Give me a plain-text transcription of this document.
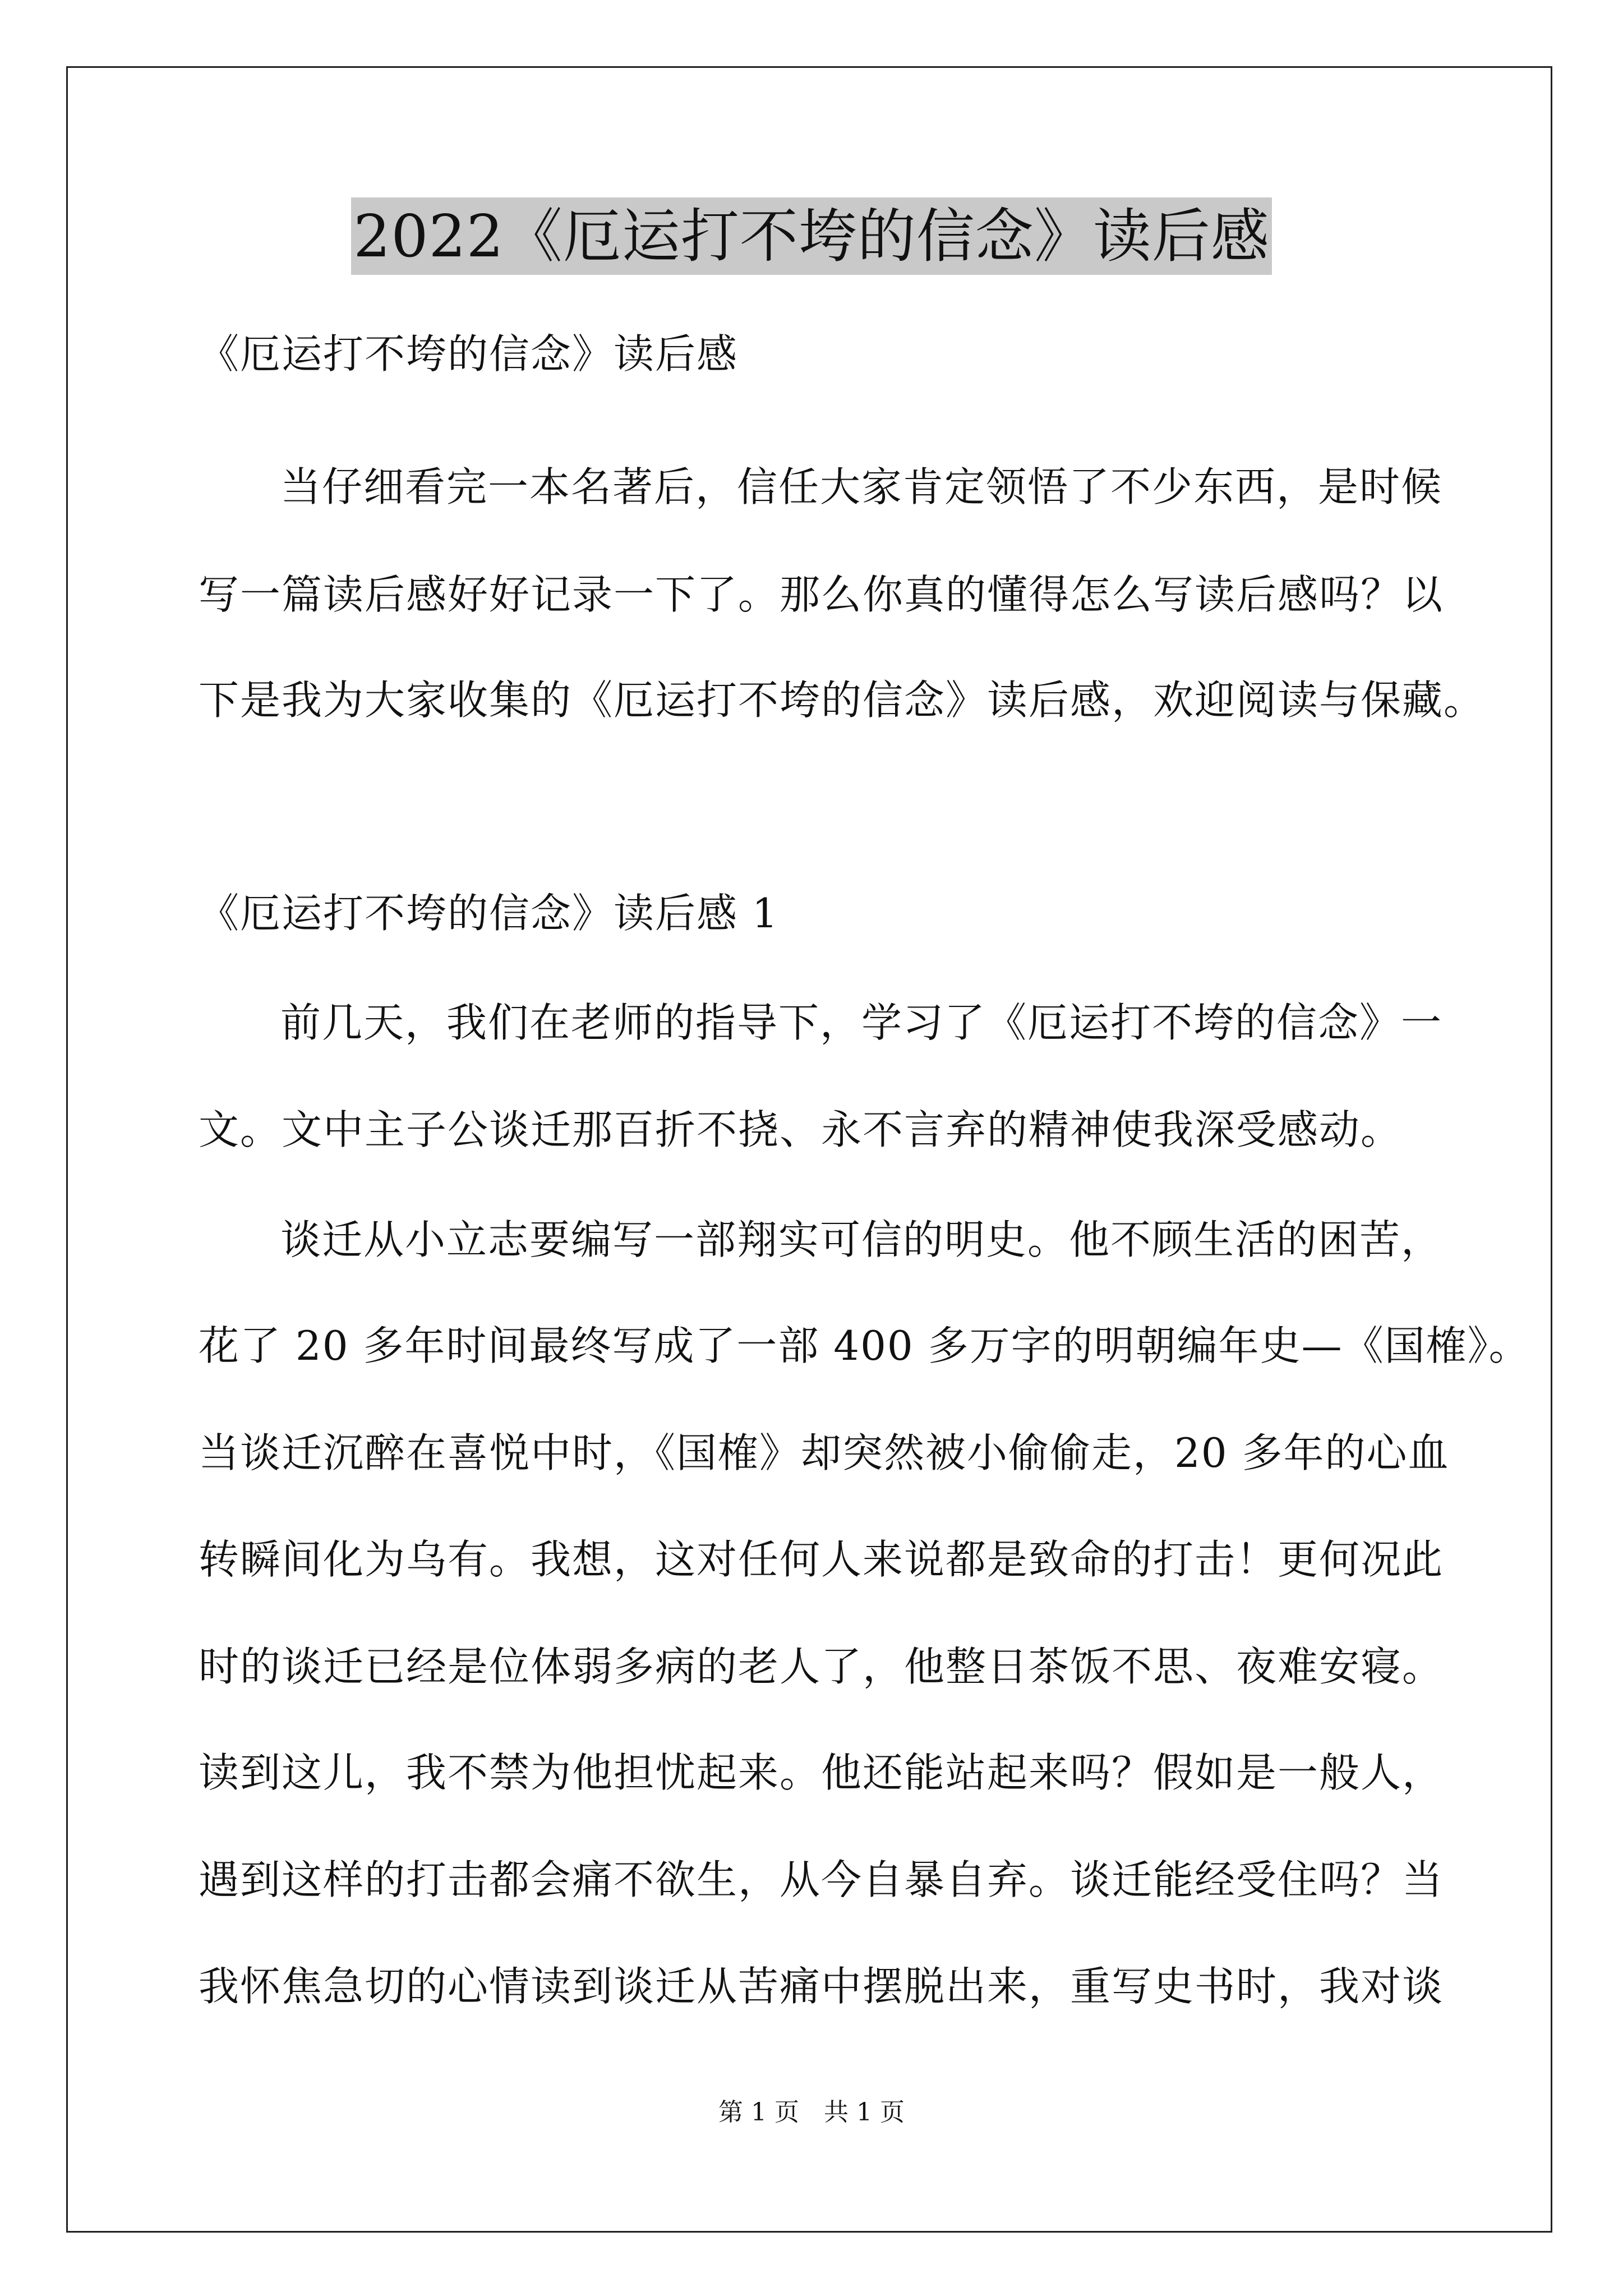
2022《厄运打不垮的信念》读后感
《厄运打不垮的信念》读后感
当仔细看完一本名著后，信任大家肯定领悟了不少东西，是时候
写一篇读后感好好记录一下了。那么你真的懂得怎么写读后感吗？以
下是我为大家收集的《厄运打不垮的信念》读后感，欢迎阅读与保藏。
《厄运打不垮的信念》读后感 1
前几天，我们在老师的指导下，学习了《厄运打不垮的信念》一
文。文中主子公谈迁那百折不挠、永不言弃的精神使我深受感动。
谈迁从小立志要编写一部翔实可信的明史。他不顾生活的困苦，
花了 20 多年时间最终写成了一部 400 多万字的明朝编年史—《国榷》。
当谈迁沉醉在喜悦中时，《国榷》却突然被小偷偷走，20 多年的心血
转瞬间化为乌有。我想，这对任何人来说都是致命的打击！更何况此
时的谈迁已经是位体弱多病的老人了，他整日茶饭不思、夜难安寝。
读到这儿，我不禁为他担忧起来。他还能站起来吗？假如是一般人，
遇到这样的打击都会痛不欲生，从今自暴自弃。谈迁能经受住吗？当
我怀焦急切的心情读到谈迁从苦痛中摆脱出来，重写史书时，我对谈
第 1 页　共 1 页
